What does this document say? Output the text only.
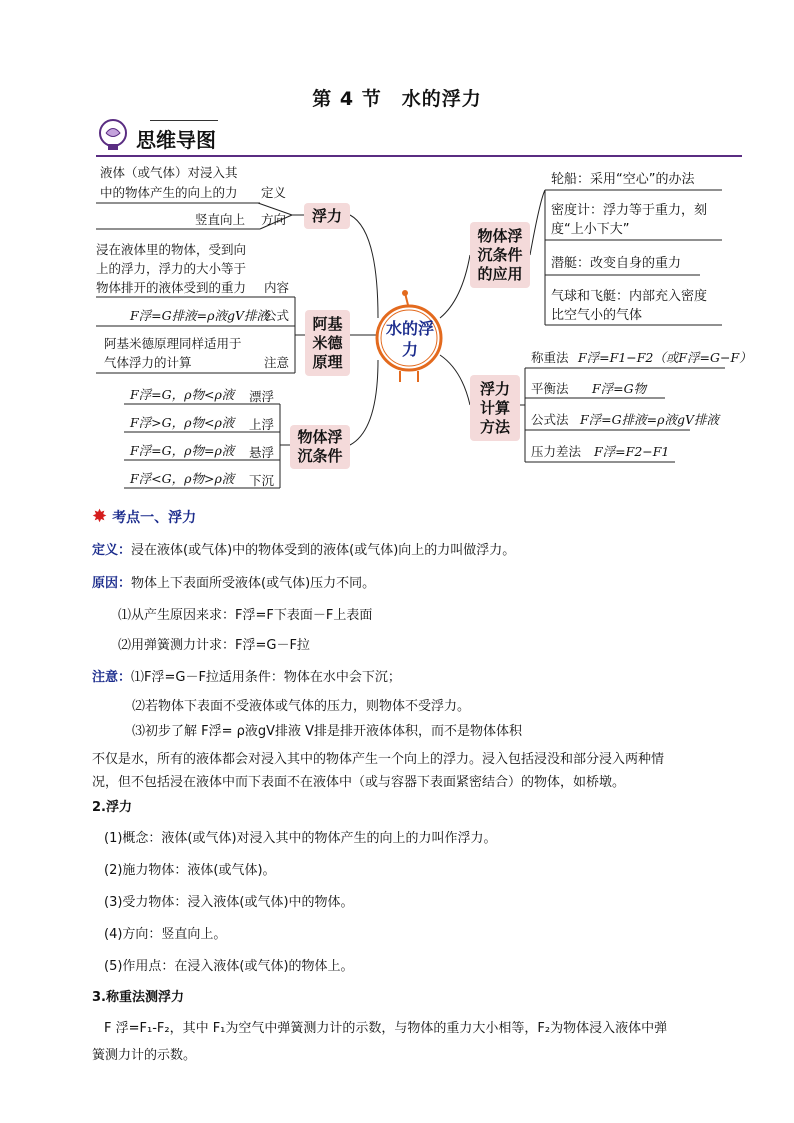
第 4 节　水的浮力
思维导图
水的浮力
液体（或气体）对浸入其
中的物体产生的向上的力 定义
竖直向上 方向	浮力
浸在液体里的物体，受到向
上的浮力，浮力的大小等于
物体排开的液体受到的重力 内容
F浮=G排液=ρ液gV排液
公式
阿基米德原理同样适用于
气体浮力的计算	注意
阿基
米德
原理
F浮=G，ρ物<ρ液 漂浮
F浮>G，ρ物<ρ液 上浮
F浮=G，ρ物=ρ液 悬浮
F浮<G，ρ物>ρ液 下沉
物体浮
沉条件
物体浮
沉条件
的应用
轮船：采用“空心”的办法
密度计：浮力等于重力，刻
度“上小下大”
潜艇：改变自身的重力
气球和飞艇：内部充入密度
比空气小的气体
浮力
计算
方法
称重法 F浮=F1−F2（或F浮=G−F）
平衡法 F浮=G物
公式法 F浮=G排液=ρ液gV排液
压力差法 F浮=F2−F1
✸ 考点一、浮力
定义：浸在液体(或气体)中的物体受到的液体(或气体)向上的力叫做浮力。
原因：物体上下表面所受液体(或气体)压力不同。
⑴从产生原因来求：F浮=F下表面－F上表面
⑵用弹簧测力计求：F浮=G－F拉
注意：⑴F浮=G－F拉适用条件：物体在水中会下沉；
⑵若物体下表面不受液体或气体的压力，则物体不受浮力。
⑶初步了解 F浮= ρ液gV排液 V排是排开液体体积，而不是物体体积
不仅是水，所有的液体都会对浸入其中的物体产生一个向上的浮力。浸入包括浸没和部分浸入两种情
况，但不包括浸在液体中而下表面不在液体中（或与容器下表面紧密结合）的物体，如桥墩。
2.浮力
(1)概念：液体(或气体)对浸入其中的物体产生的向上的力叫作浮力。
(2)施力物体：液体(或气体)。
(3)受力物体：浸入液体(或气体)中的物体。
(4)方向：竖直向上。
(5)作用点：在浸入液体(或气体)的物体上。
3.称重法测浮力
F 浮=F₁-F₂，其中 F₁为空气中弹簧测力计的示数，与物体的重力大小相等，F₂为物体浸入液体中弹
簧测力计的示数。
